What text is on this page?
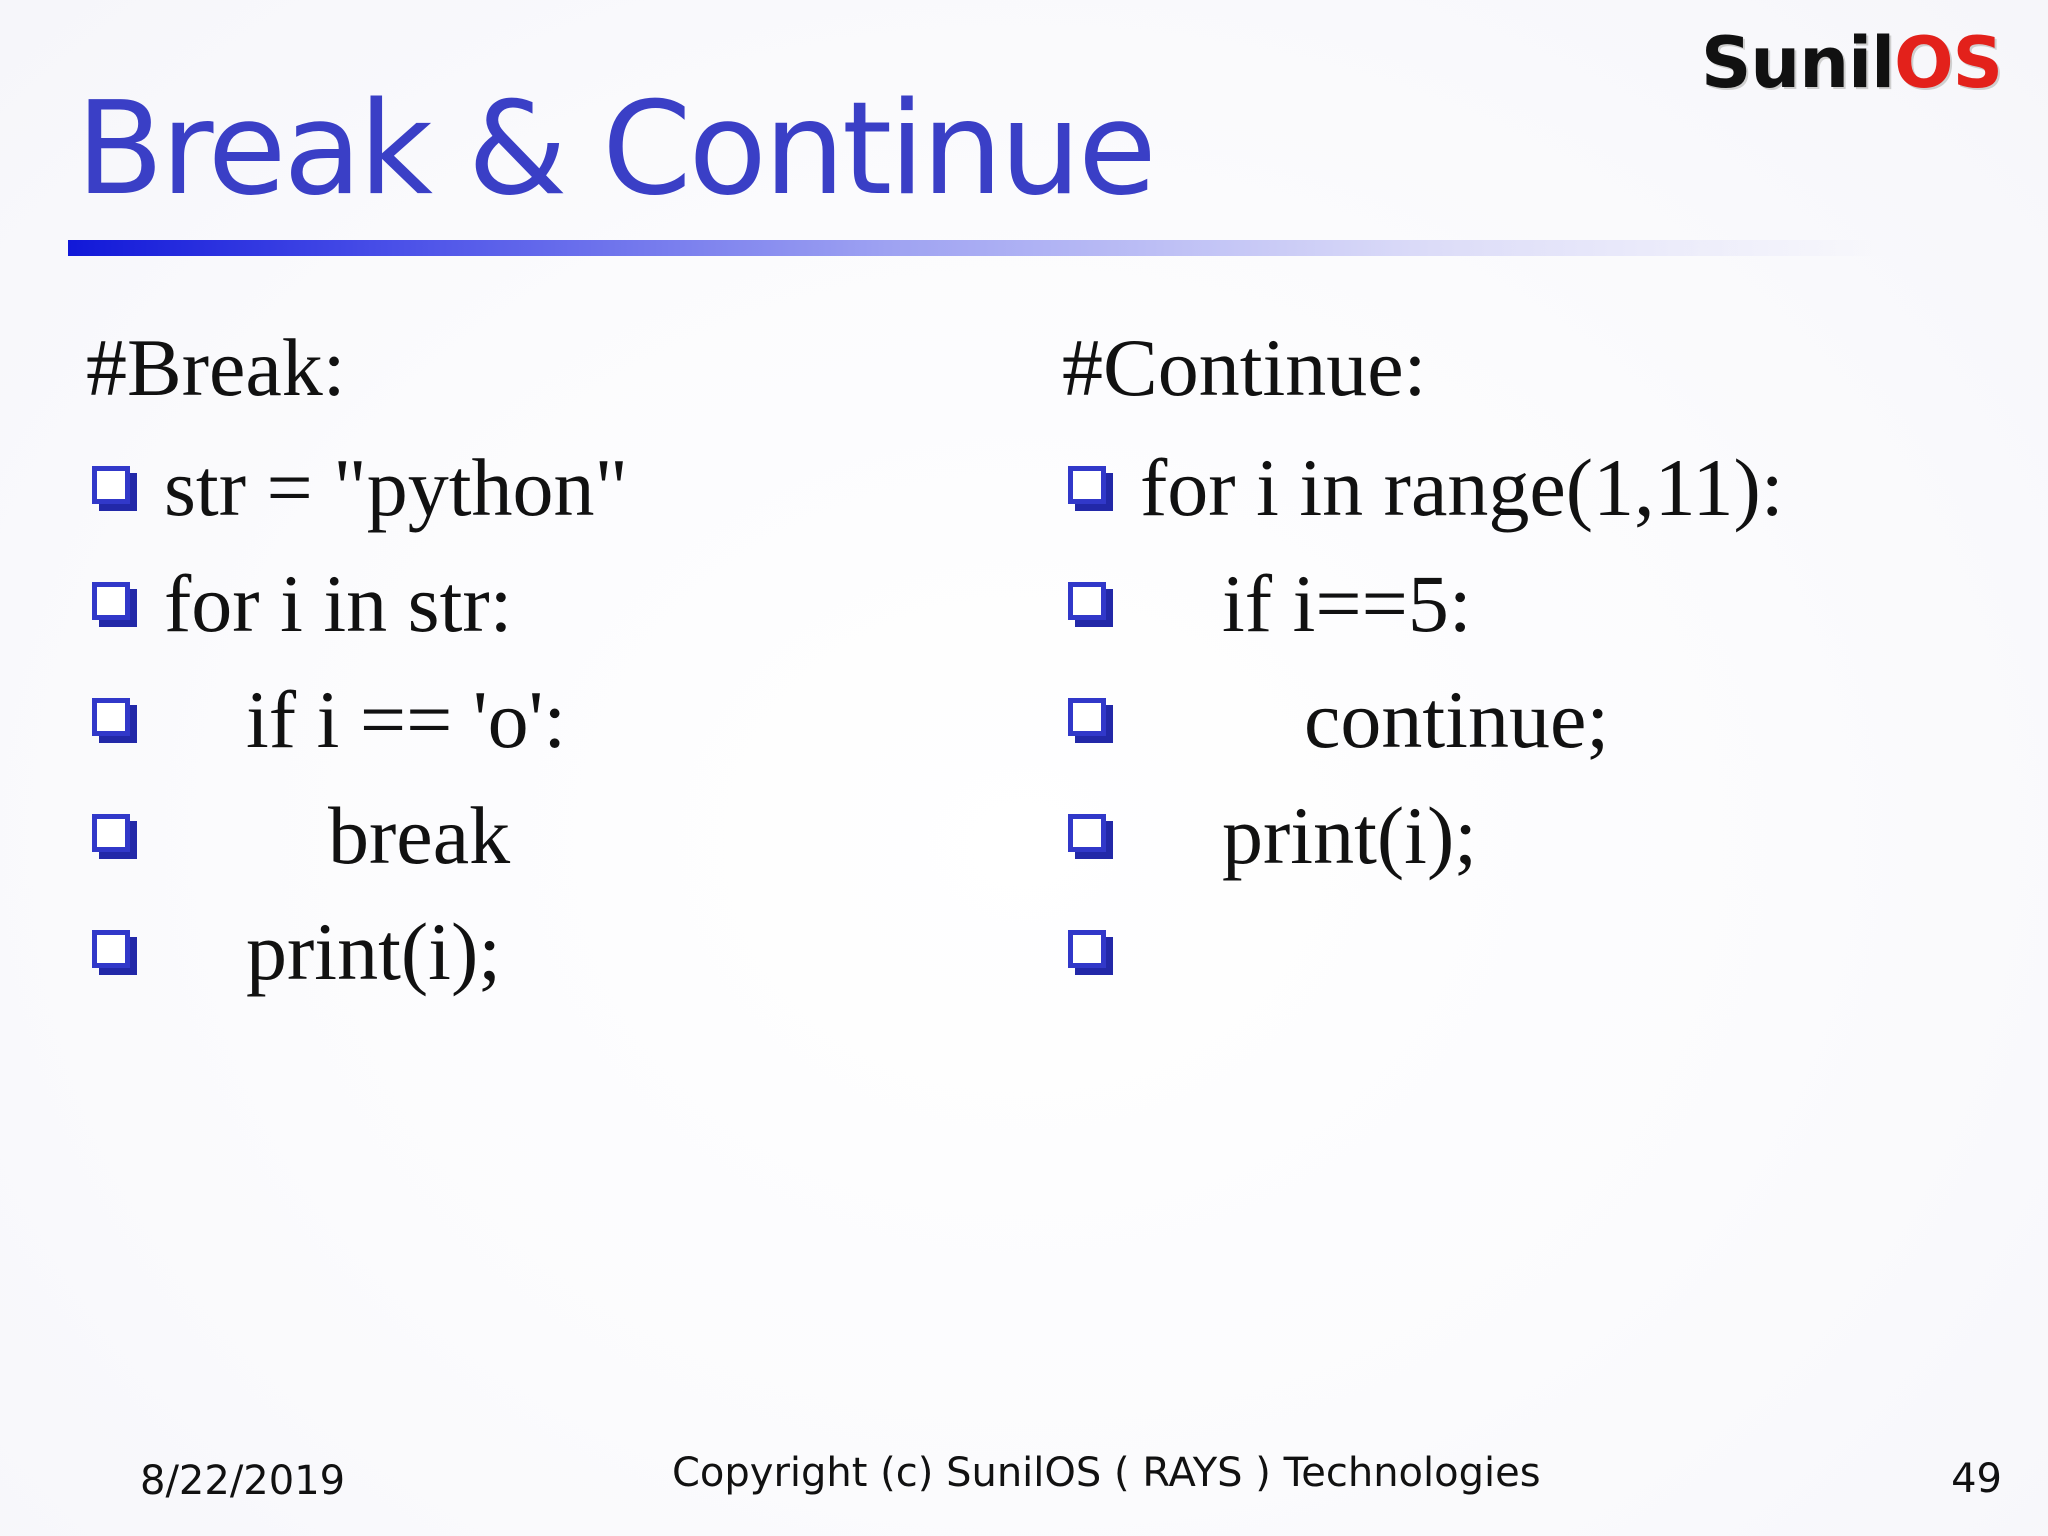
SunilOS
Break & Continue
#Break:
str = "python"
for i in str:
if i == 'o':
break
print(i);
#Continue:
for i in range(1,11):
if i==5:
continue;
print(i);
8/22/2019	Copyright (c) SunilOS ( RAYS ) Technologies	49
